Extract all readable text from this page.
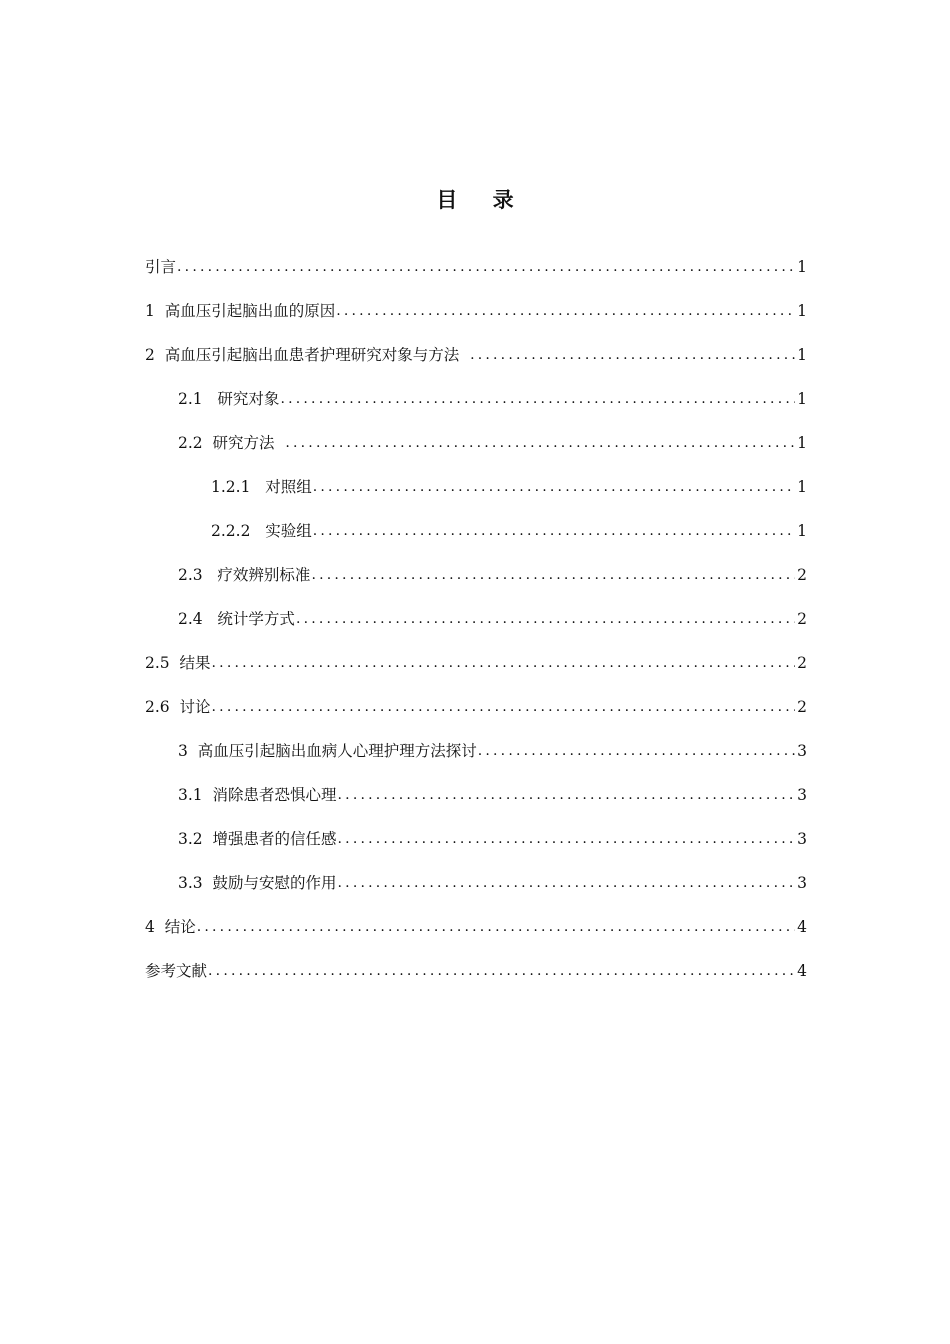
目 录
引言 .....	1
1  高血压引起脑出血的原因 .....	1
2  高血压引起脑出血患者护理研究对象与方法 .....	1
2.1   研究对象 .....	1
2.2  研究方法 .....	1
1.2.1   对照组 .....	1
2.2.2   实验组 .....	1
2.3   疗效辨别标准 .....	2
2.4   统计学方式 .....	2
2.5  结果 .....	2
2.6  讨论 .....	2
3  高血压引起脑出血病人心理护理方法探讨 .....	3
3.1  消除患者恐惧心理 .....	3
3.2  增强患者的信任感 .....	3
3.3  鼓励与安慰的作用 .....	3
4  结论 .....	4
参考文献 .....	4
